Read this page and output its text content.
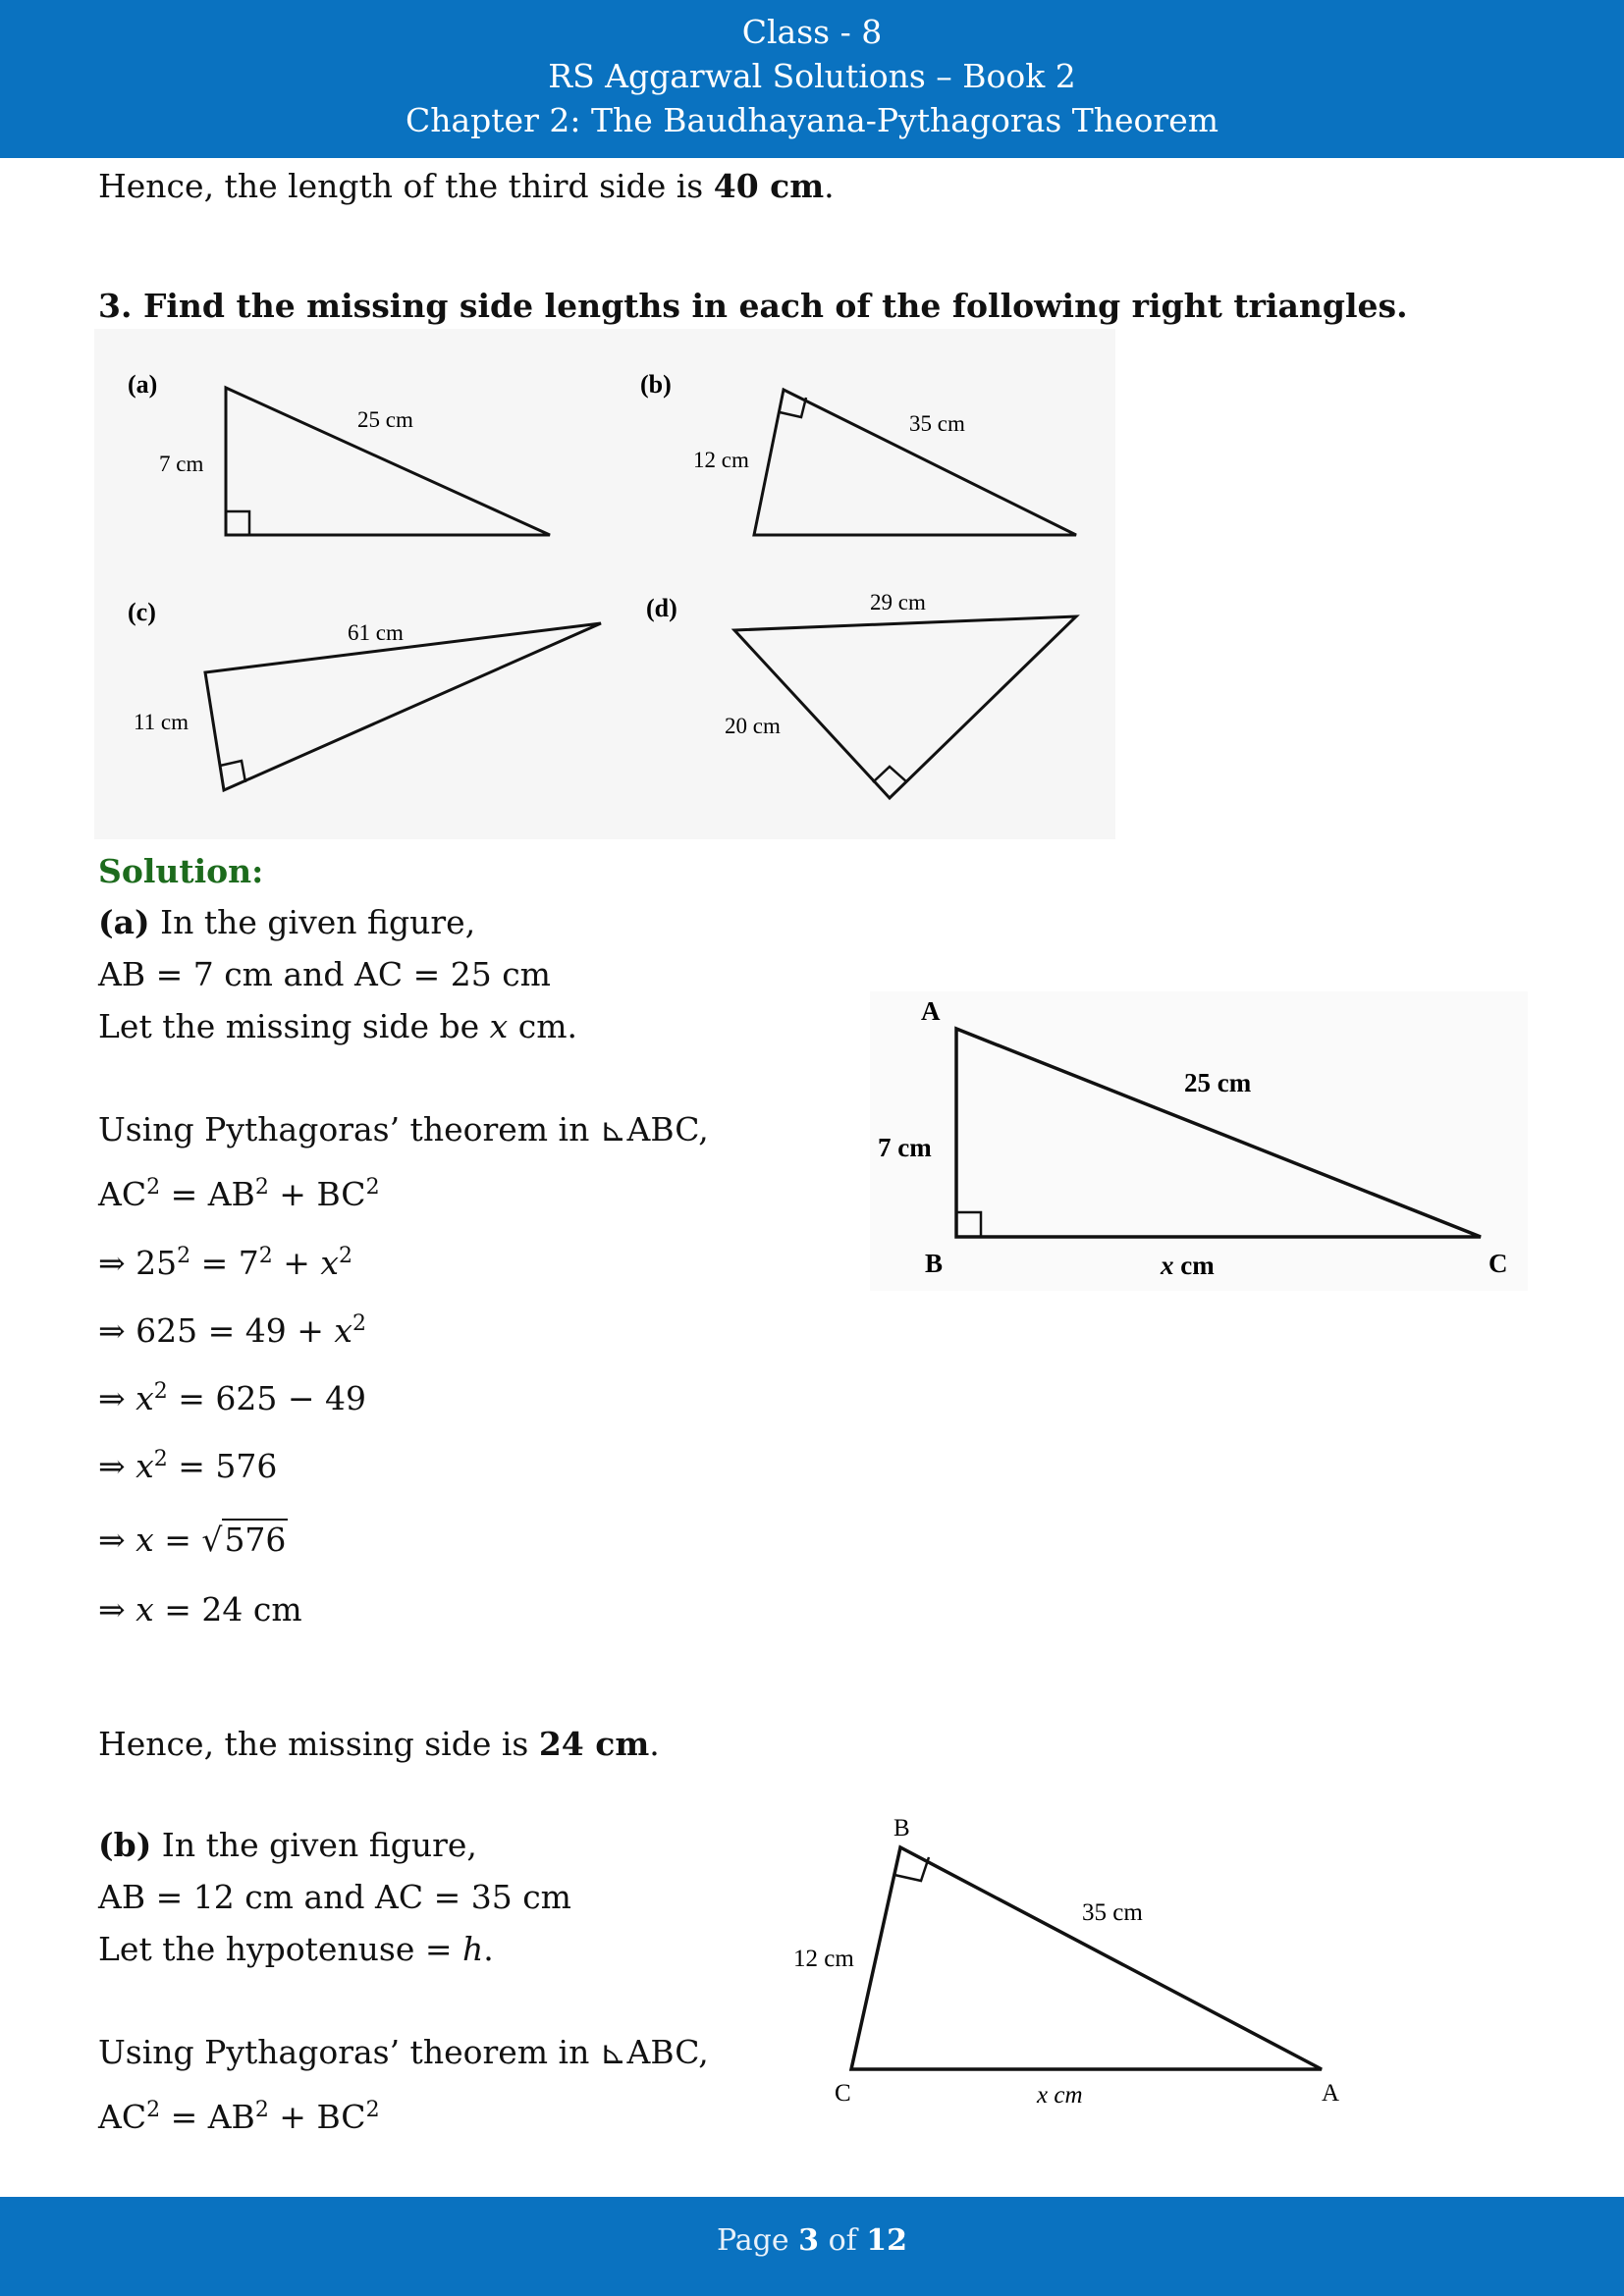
Class - 8
RS Aggarwal Solutions – Book 2
Chapter 2: The Baudhayana-Pythagoras Theorem
Hence, the length of the third side is 40 cm.
3. Find the missing side lengths in each of the following right triangles.
(a)
7 cm
25 cm
(b)
12 cm
35 cm
(c)
11 cm
61 cm
(d)
20 cm
29 cm
Solution:
(a) In the given figure,
AB = 7 cm and AC = 25 cm
Let the missing side be x cm.
Using Pythagoras’ theorem in ⊾ABC,
$AC^2 = AB^2 + BC^2$
⇒ $25^2 = 7^2 + x^2$
⇒ $625 = 49 + x^2$
⇒ $x^2 = 625 - 49$
⇒ $x^2 = 576$
⇒ x = √576
⇒ x = 24 cm
Hence, the missing side is 24 cm.
A
B	C
7 cm
25 cm
x cm
(b) In the given figure,
AB = 12 cm and AC = 35 cm
Let the hypotenuse = h.
Using Pythagoras’ theorem in ⊾ABC,
$AC^2 = AB^2 + BC^2$
B
C	A
12 cm
35 cm
x cm
Page 3 of 12
